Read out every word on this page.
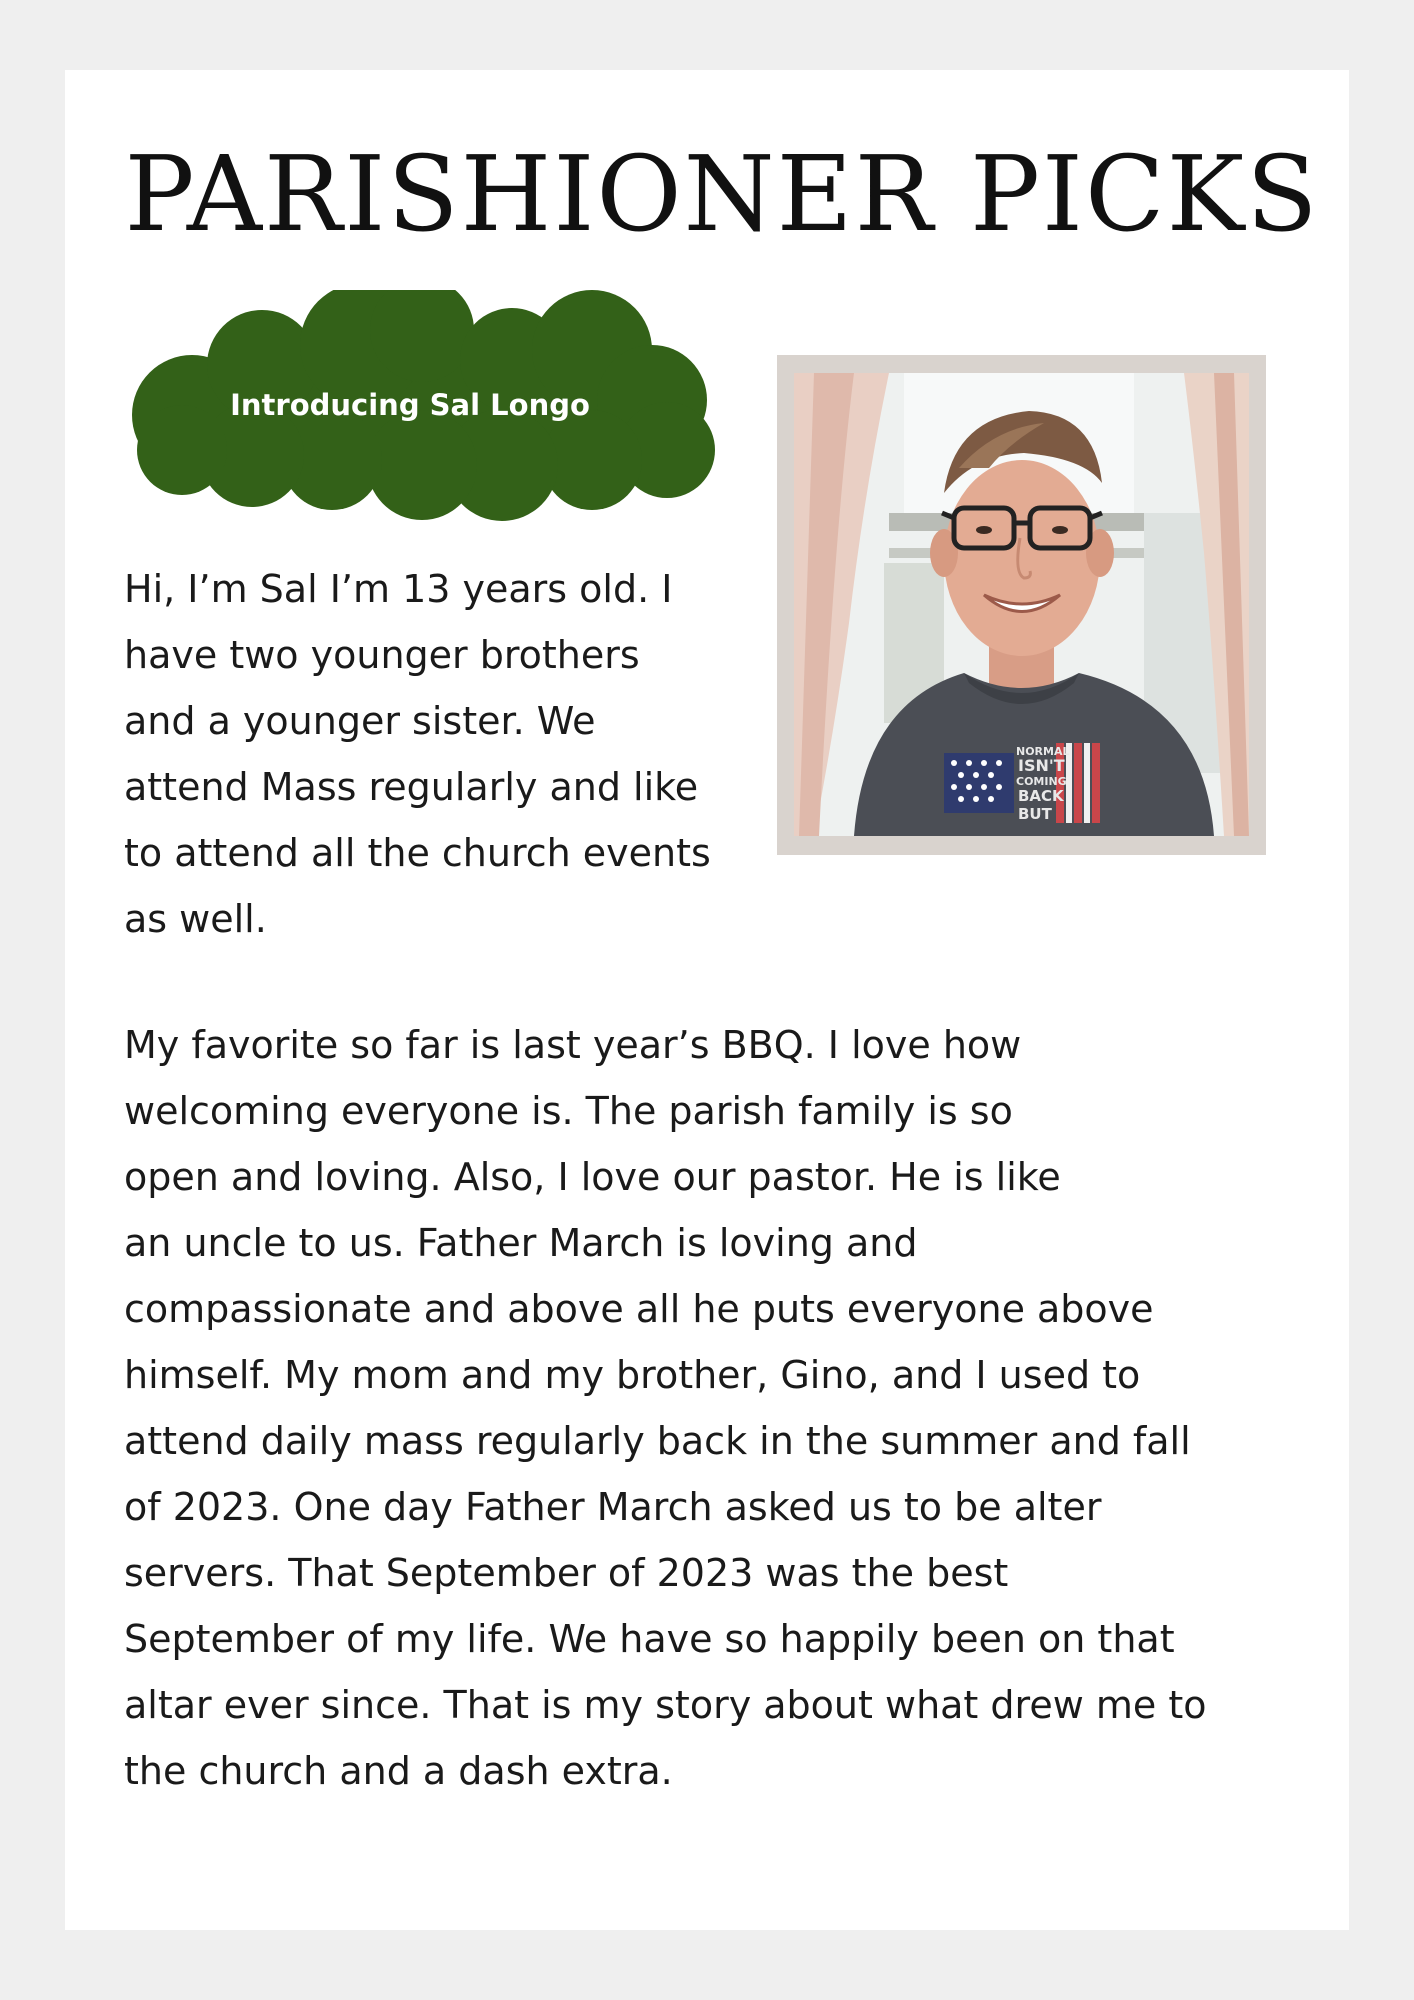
PARISHIONER PICKS
Introducing Sal Longo
NORMAL
ISN'T
COMING
BACK
BUT
Hi, I’m Sal I’m 13 years old. I
have two younger brothers
and a younger sister. We
attend Mass regularly and like
to attend all the church events
as well.
My favorite so far is last year’s BBQ. I love how
welcoming everyone is. The parish family is so
open and loving. Also, I love our pastor. He is like
an uncle to us. Father March is loving and
compassionate and above all he puts everyone above
himself. My mom and my brother, Gino, and I used to
attend daily mass regularly back in the summer and fall
of 2023. One day Father March asked us to be alter
servers. That September of 2023 was the best
September of my life. We have so happily been on that
altar ever since. That is my story about what drew me to
the church and a dash extra.
